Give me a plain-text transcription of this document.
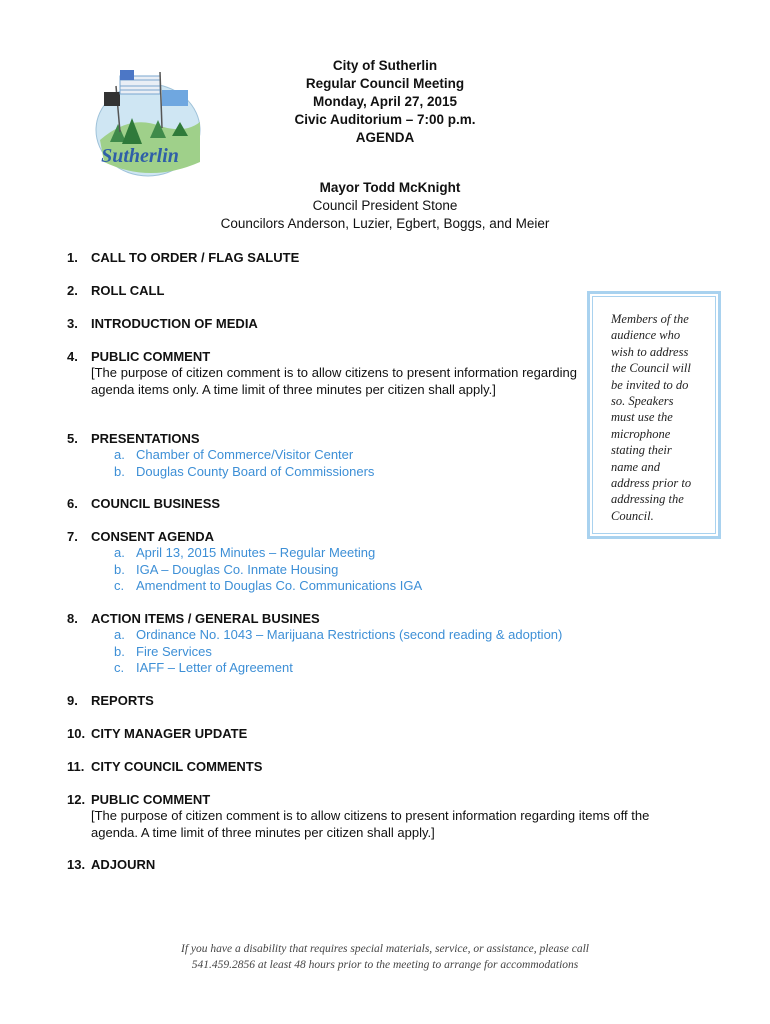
Sutherlin
City of Sutherlin
Regular Council Meeting
Monday, April 27, 2015
Civic Auditorium – 7:00 p.m.
AGENDA
Mayor Todd McKnight
Council President Stone
Councilors Anderson, Luzier, Egbert, Boggs, and Meier
1. CALL TO ORDER / FLAG SALUTE
2. ROLL CALL
3. INTRODUCTION OF MEDIA
4. PUBLIC COMMENT
[The purpose of citizen comment is to allow citizens to present information regarding agenda items only. A time limit of three minutes per citizen shall apply.]
5. PRESENTATIONS
a. Chamber of Commerce/Visitor Center
b. Douglas County Board of Commissioners
6. COUNCIL BUSINESS
7. CONSENT AGENDA
a. April 13, 2015 Minutes – Regular Meeting
b. IGA – Douglas Co. Inmate Housing
c. Amendment to Douglas Co. Communications IGA
8. ACTION ITEMS / GENERAL BUSINES
a. Ordinance No. 1043 – Marijuana Restrictions (second reading & adoption)
b. Fire Services
c. IAFF – Letter of Agreement
9. REPORTS
10. CITY MANAGER UPDATE
11. CITY COUNCIL COMMENTS
12. PUBLIC COMMENT
[The purpose of citizen comment is to allow citizens to present information regarding items off the agenda. A time limit of three minutes per citizen shall apply.]
13. ADJOURN
Members of the
audience who
wish to address
the Council will
be invited to do
so. Speakers
must use the
microphone
stating their
name and
address prior to
addressing the
Council.
If you have a disability that requires special materials, service, or assistance, please call
541.459.2856 at least 48 hours prior to the meeting to arrange for accommodations
